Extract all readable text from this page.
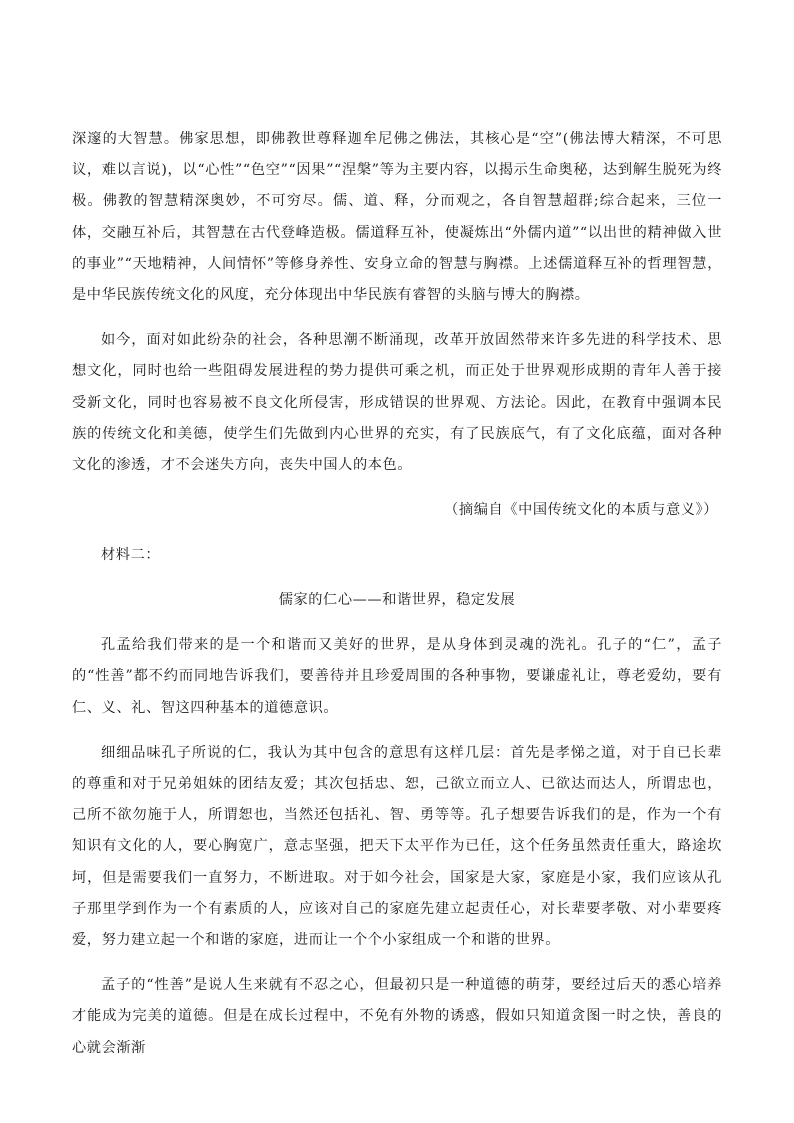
深邃的大智慧。佛家思想，即佛教世尊释迦牟尼佛之佛法，其核心是“空”(佛法博大精深，不可思议，难以言说)，以“心性”“色空”“因果”“涅槃”等为主要内容，以揭示生命奥秘，达到解生脱死为终极。佛教的智慧精深奥妙，不可穷尽。儒、道、释，分而观之，各自智慧超群;综合起来，三位一体，交融互补后，其智慧在古代登峰造极。儒道释互补，使凝炼出“外儒内道”“以出世的精神做入世的事业”“天地精神，人间情怀”等修身养性、安身立命的智慧与胸襟。上述儒道释互补的哲理智慧，是中华民族传统文化的风度，充分体现出中华民族有睿智的头脑与博大的胸襟。

如今，面对如此纷杂的社会，各种思潮不断涌现，改革开放固然带来许多先进的科学技术、思想文化，同时也给一些阻碍发展进程的势力提供可乘之机，而正处于世界观形成期的青年人善于接受新文化，同时也容易被不良文化所侵害，形成错误的世界观、方法论。因此，在教育中强调本民族的传统文化和美德，使学生们先做到内心世界的充实，有了民族底气，有了文化底蕴，面对各种文化的渗透，才不会迷失方向，丧失中国人的本色。

（摘编自《中国传统文化的本质与意义》）
材料二：
儒家的仁心——和谐世界，稳定发展

孔孟给我们带来的是一个和谐而又美好的世界，是从身体到灵魂的洗礼。孔子的“仁”，孟子的“性善”都不约而同地告诉我们，要善待并且珍爱周围的各种事物，要谦虚礼让，尊老爱幼，要有仁、义、礼、智这四种基本的道德意识。

细细品味孔子所说的仁，我认为其中包含的意思有这样几层：首先是孝悌之道，对于自已长辈的尊重和对于兄弟姐妹的团结友爱；其次包括忠、恕，己欲立而立人、已欲达而达人，所谓忠也，己所不欲勿施于人，所谓恕也，当然还包括礼、智、勇等等。孔子想要告诉我们的是，作为一个有知识有文化的人，要心胸宽广，意志坚强，把天下太平作为已任，这个任务虽然责任重大，路途坎坷，但是需要我们一直努力，不断进取。对于如今社会，国家是大家，家庭是小家，我们应该从孔子那里学到作为一个有素质的人，应该对自己的家庭先建立起责任心，对长辈要孝敬、对小辈要疼爱，努力建立起一个和谐的家庭，进而让一个个小家组成一个和谐的世界。

孟子的“性善”是说人生来就有不忍之心，但最初只是一种道德的萌芽，要经过后天的悉心培养才能成为完美的道德。但是在成长过程中，不免有外物的诱惑，假如只知道贪图一时之快，善良的心就会渐渐
